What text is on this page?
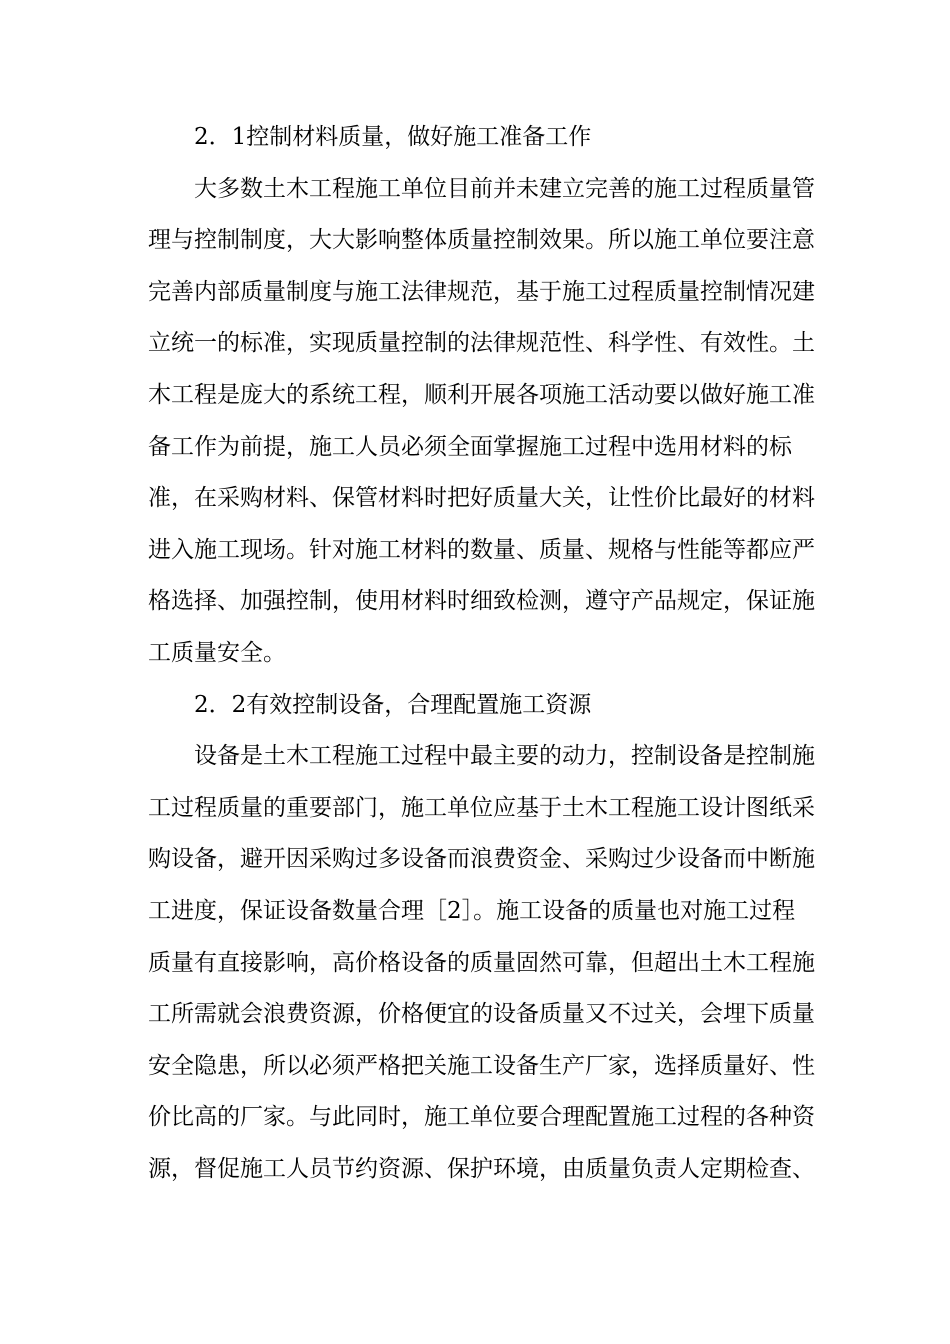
2．1控制材料质量，做好施工准备工作
大多数土木工程施工单位目前并未建立完善的施工过程质量管
理与控制制度，大大影响整体质量控制效果。所以施工单位要注意
完善内部质量制度与施工法律规范，基于施工过程质量控制情况建
立统一的标准，实现质量控制的法律规范性、科学性、有效性。土
木工程是庞大的系统工程，顺利开展各项施工活动要以做好施工准
备工作为前提，施工人员必须全面掌握施工过程中选用材料的标
准，在采购材料、保管材料时把好质量大关，让性价比最好的材料
进入施工现场。针对施工材料的数量、质量、规格与性能等都应严
格选择、加强控制，使用材料时细致检测，遵守产品规定，保证施
工质量安全。
2．2有效控制设备，合理配置施工资源
设备是土木工程施工过程中最主要的动力，控制设备是控制施
工过程质量的重要部门，施工单位应基于土木工程施工设计图纸采
购设备，避开因采购过多设备而浪费资金、采购过少设备而中断施
工进度，保证设备数量合理［2］。施工设备的质量也对施工过程
质量有直接影响，高价格设备的质量固然可靠，但超出土木工程施
工所需就会浪费资源，价格便宜的设备质量又不过关，会埋下质量
安全隐患，所以必须严格把关施工设备生产厂家，选择质量好、性
价比高的厂家。与此同时，施工单位要合理配置施工过程的各种资
源，督促施工人员节约资源、保护环境，由质量负责人定期检查、
